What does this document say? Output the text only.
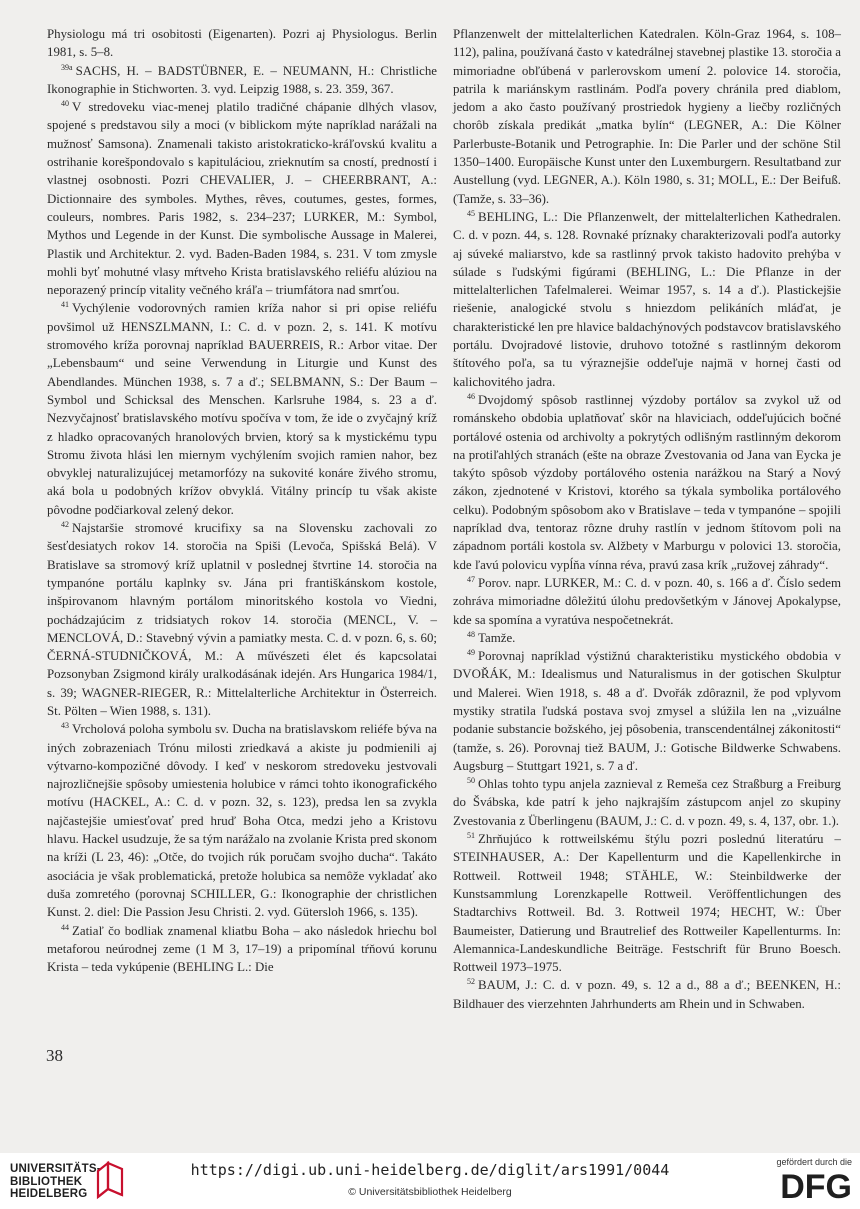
Physiologu má tri osobitosti (Eigenarten). Pozri aj Physiologus. Berlin 1981, s. 5–8.

$^{39a}$ SACHS, H. – BADSTÜBNER, E. – NEUMANN, H.: Christliche Ikonographie in Stichworten. 3. vyd. Leipzig 1988, s. 23. 359, 367.

$^{40}$ V stredoveku viac-menej platilo tradičné chápanie dlhých vlasov, spojené s predstavou sily a moci (v biblickom mýte napríklad narážali na mužnosť Samsona). Znamenali takisto aristokraticko-kráľovskú kvalitu a ostrihanie korešpondovalo s kapituláciou, zrieknutím sa cností, predností i vlastnej osobnosti. Pozri CHEVALIER, J. – CHEERBRANT, A.: Dictionnaire des symboles. Mythes, rêves, coutumes, gestes, formes, couleurs, nombres. Paris 1982, s. 234–237; LURKER, M.: Symbol, Mythos und Legende in der Kunst. Die symbolische Aussage in Malerei, Plastik und Architektur. 2. vyd. Baden-Baden 1984, s. 231. V tom zmysle mohli byť mohutné vlasy mŕtveho Krista bratislavského reliéfu alúziou na neporazený princíp vitality večného kráľa – triumfátora nad smrťou.

$^{41}$ Vychýlenie vodorovných ramien kríža nahor si pri opise reliéfu povšimol už HENSZLMANN, I.: C. d. v pozn. 2, s. 141. K motívu stromového kríža porovnaj napríklad BAUERREIS, R.: Arbor vitae. Der „Lebensbaum“ und seine Verwendung in Liturgie und Kunst des Abendlandes. München 1938, s. 7 a ď.; SELBMANN, S.: Der Baum – Symbol und Schicksal des Menschen. Karlsruhe 1984, s. 23 a ď. Nezvyčajnosť bratislavského motívu spočíva v tom, že ide o zvyčajný kríž z hladko opracovaných hranolových brvien, ktorý sa k mystickému typu Stromu života hlási len miernym vychýlením svojich ramien nahor, bez obvyklej naturalizujúcej metamorfózy na sukovité konáre živého stromu, aká bola u podobných krížov obvyklá. Vitálny princíp tu však akiste pôvodne podčiarkoval zelený dekor.

$^{42}$ Najstaršie stromové krucifixy sa na Slovensku zachovali zo šesťdesiatych rokov 14. storočia na Spiši (Levoča, Spišská Belá). V Bratislave sa stromový kríž uplatnil v poslednej štvrtine 14. storočia na tympanóne portálu kaplnky sv. Jána pri františkánskom kostole, inšpirovanom hlavným portálom minoritského kostola vo Viedni, pochádzajúcim z tridsiatych rokov 14. storočia (MENCL, V. – MENCLOVÁ, D.: Stavebný vývin a pamiatky mesta. C. d. v pozn. 6, s. 60; ČERNÁ-STUDNIČKOVÁ, M.: A művészeti élet és kapcsolatai Pozsonyban Zsigmond király uralkodásának idején. Ars Hungarica 1984/1, s. 39; WAGNER-RIEGER, R.: Mittelalterliche Architektur in Österreich. St. Pölten – Wien 1988, s. 131).

$^{43}$ Vrcholová poloha symbolu sv. Ducha na bratislavskom reliéfe býva na iných zobrazeniach Trónu milosti zriedkavá a akiste ju podmienili aj výtvarno-kompozičné dôvody. I keď v neskorom stredoveku jestvovali najrozličnejšie spôsoby umiestenia holubice v rámci tohto ikonografického motívu (HACKEL, A.: C. d. v pozn. 32, s. 123), predsa len sa zvykla najčastejšie umiesťovať pred hruď Boha Otca, medzi jeho a Kristovu hlavu. Hackel usudzuje, že sa tým narážalo na zvolanie Krista pred skonom na kríži (L 23, 46): „Otče, do tvojich rúk poručam svojho ducha“. Takáto asociácia je však problematická, pretože holubica sa nemôže vykladať ako duša zomretého (porovnaj SCHILLER, G.: Ikonographie der christlichen Kunst. 2. diel: Die Passion Jesu Christi. 2. vyd. Gütersloh 1966, s. 135).

$^{44}$ Zatiaľ čo bodliak znamenal kliatbu Boha – ako následok hriechu bol metaforou neúrodnej zeme (1 M 3, 17–19) a pripomínal tŕňovú korunu Krista – teda vykúpenie (BEHLING L.: Die

Pflanzenwelt der mittelalterlichen Katedralen. Köln-Graz 1964, s. 108–112), palina, používaná často v katedrálnej stavebnej plastike 13. storočia a mimoriadne obľúbená v parlerovskom umení 2. polovice 14. storočia, patrila k mariánskym rastlinám. Podľa povery chránila pred diablom, jedom a ako často používaný prostriedok hygieny a liečby rozličných chorôb získala predikát „matka bylín“ (LEGNER, A.: Die Kölner Parlerbuste-Botanik und Petrographie. In: Die Parler und der schöne Stil 1350–1400. Europäische Kunst unter den Luxemburgern. Resultatband zur Austellung (vyd. LEGNER, A.). Köln 1980, s. 31; MOLL, E.: Der Beifuß. (Tamže, s. 33–36).

$^{45}$ BEHLING, L.: Die Pflanzenwelt, der mittelalterlichen Kathedralen. C. d. v pozn. 44, s. 128. Rovnaké príznaky charakterizovali podľa autorky aj súveké maliarstvo, kde sa rastlinný prvok takisto hadovito prehýba v súlade s ľudskými figúrami (BEHLING, L.: Die Pflanze in der mittelalterlichen Tafelmalerei. Weimar 1957, s. 14 a ď.). Plastickejšie riešenie, analogické stvolu s hniezdom pelikáních mláďat, je charakteristické len pre hlavice baldachýnových podstavcov bratislavského portálu. Dvojradové listovie, druhovo totožné s rastlinným dekorom štítového poľa, sa tu výraznejšie oddeľuje najmä v hornej časti od kalichovitého jadra.

$^{46}$ Dvojdomý spôsob rastlinnej výzdoby portálov sa zvykol už od románskeho obdobia uplatňovať skôr na hlaviciach, oddeľujúcich bočné portálové ostenia od archivolty a pokrytých odlišným rastlinným dekorom na protiľahlých stranách (ešte na obraze Zvestovania od Jana van Eycka je takýto spôsob výzdoby portálového ostenia narážkou na Starý a Nový zákon, zjednotené v Kristovi, ktorého sa týkala symbolika portálového celku). Podobným spôsobom ako v Bratislave – teda v tympanóne – spojili napríklad dva, tentoraz rôzne druhy rastlín v jednom štítovom poli na západnom portáli kostola sv. Alžbety v Marburgu v polovici 13. storočia, kde ľavú polovicu vypĺňa vínna réva, pravú zasa krík „ružovej záhrady“.

$^{47}$ Porov. napr. LURKER, M.: C. d. v pozn. 40, s. 166 a ď. Číslo sedem zohráva mimoriadne dôležitú úlohu predovšetkým v Jánovej Apokalypse, kde sa spomína a vyratúva nespočetnekrát.

$^{48}$ Tamže.

$^{49}$ Porovnaj napríklad výstižnú charakteristiku mystického obdobia v DVOŘÁK, M.: Idealismus und Naturalismus in der gotischen Skulptur und Malerei. Wien 1918, s. 48 a ď. Dvořák zdôraznil, že pod vplyvom mystiky stratila ľudská postava svoj zmysel a slúžila len na „vizuálne podanie substancie božského, jej pôsobenia, transcendentálnej zákonitosti“ (tamže, s. 26). Porovnaj tiež BAUM, J.: Gotische Bildwerke Schwabens. Augsburg – Stuttgart 1921, s. 7 a ď.

$^{50}$ Ohlas tohto typu anjela zaznieval z Remeša cez Straßburg a Freiburg do Švábska, kde patrí k jeho najkrajším zástupcom anjel zo skupiny Zvestovania z Überlingenu (BAUM, J.: C. d. v pozn. 49, s. 4, 137, obr. 1.).

$^{51}$ Zhrňujúco k rottweilskému štýlu pozri poslednú literatúru – STEINHAUSER, A.: Der Kapellenturm und die Kapellenkirche in Rottweil. Rottweil 1948; STÄHLE, W.: Steinbildwerke der Kunstsammlung Lorenzkapelle Rottweil. Veröffentlichungen des Stadtarchivs Rottweil. Bd. 3. Rottweil 1974; HECHT, W.: Über Baumeister, Datierung und Brautrelief des Rottweiler Kapellenturms. In: Alemannica-Landeskundliche Beiträge. Festschrift für Bruno Boesch. Rottweil 1973–1975.

$^{52}$ BAUM, J.: C. d. v pozn. 49, s. 12 a d., 88 a ď.; BEENKEN, H.: Bildhauer des vierzehnten Jahrhunderts am Rhein und in Schwaben.

38
UNIVERSITÄTS-
BIBLIOTHEK
HEIDELBERG
https://digi.ub.uni-heidelberg.de/diglit/ars1991/0044
© Universitätsbibliothek Heidelberg
gefördert durch die
DFG
